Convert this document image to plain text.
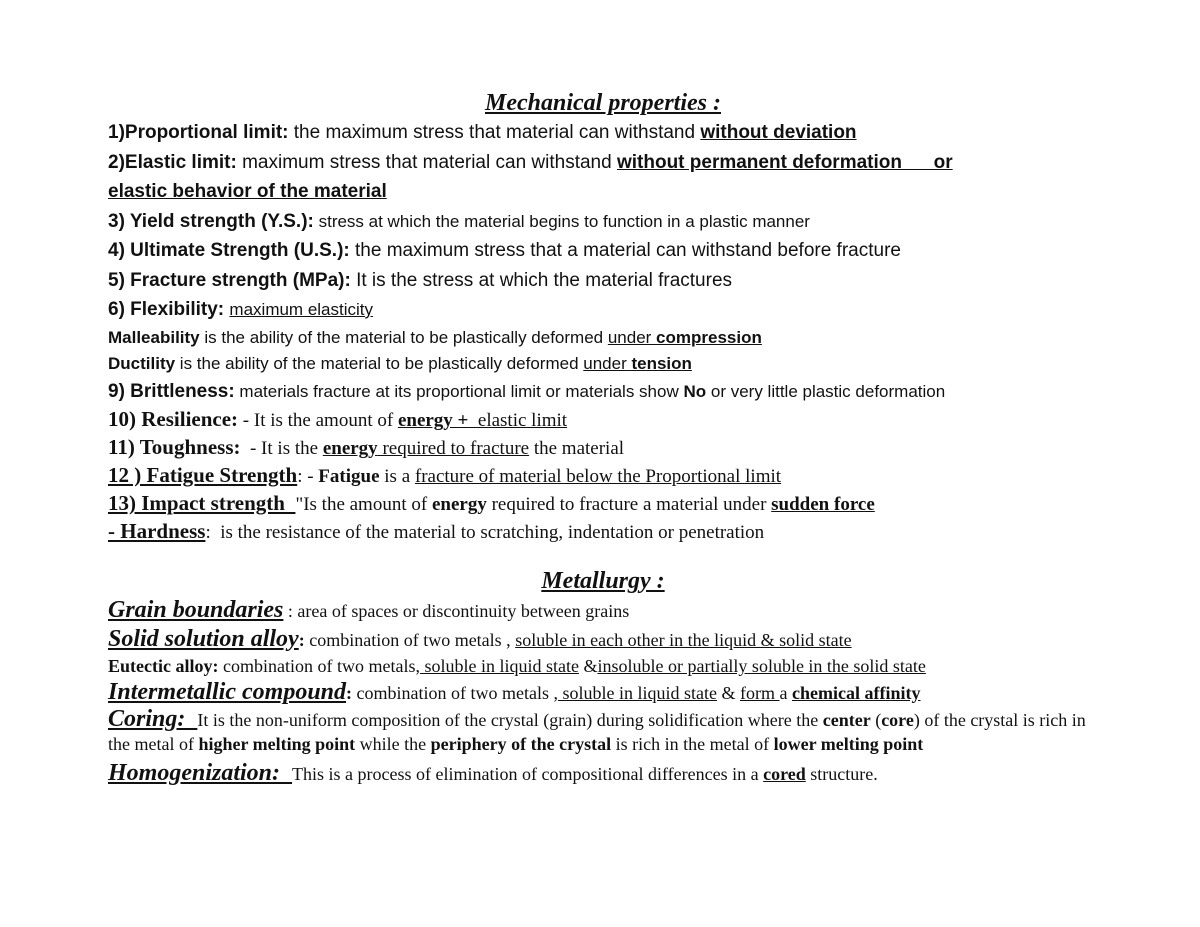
Mechanical properties :
1)Proportional limit: the maximum stress that material can withstand without deviation
2)Elastic limit: maximum stress that material can withstand without permanent deformation      or
elastic behavior of the material
3) Yield strength (Y.S.): stress at which the material begins to function in a plastic manner
4) Ultimate Strength (U.S.): the maximum stress that a material can withstand before fracture
5) Fracture strength (MPa): It is the stress at which the material fractures
6) Flexibility: maximum elasticity
Malleability is the ability of the material to be plastically deformed under compression
Ductility is the ability of the material to be plastically deformed under tension
9) Brittleness: materials fracture at its proportional limit or materials show No or very little plastic deformation
10) Resilience: - It is the amount of energy +  elastic limit
11) Toughness:  - It is the energy required to fracture the material
12 ) Fatigue Strength: - Fatigue is a fracture of material below the Proportional limit
13) Impact strength  "Is the amount of energy required to fracture a material under sudden force
- Hardness:  is the resistance of the material to scratching, indentation or penetration
Metallurgy :
Grain boundaries : area of spaces or discontinuity between grains
Solid solution alloy: combination of two metals , soluble in each other in the liquid & solid state
Eutectic alloy: combination of two metals, soluble in liquid state &insoluble or partially soluble in the solid state
Intermetallic compound: combination of two metals , soluble in liquid state & form a chemical affinity
Coring:  It is the non-uniform composition of the crystal (grain) during solidification where the center (core) of the crystal is rich in the metal of higher melting point while the periphery of the crystal is rich in the metal of lower melting point
Homogenization:  This is a process of elimination of compositional differences in a cored structure.
